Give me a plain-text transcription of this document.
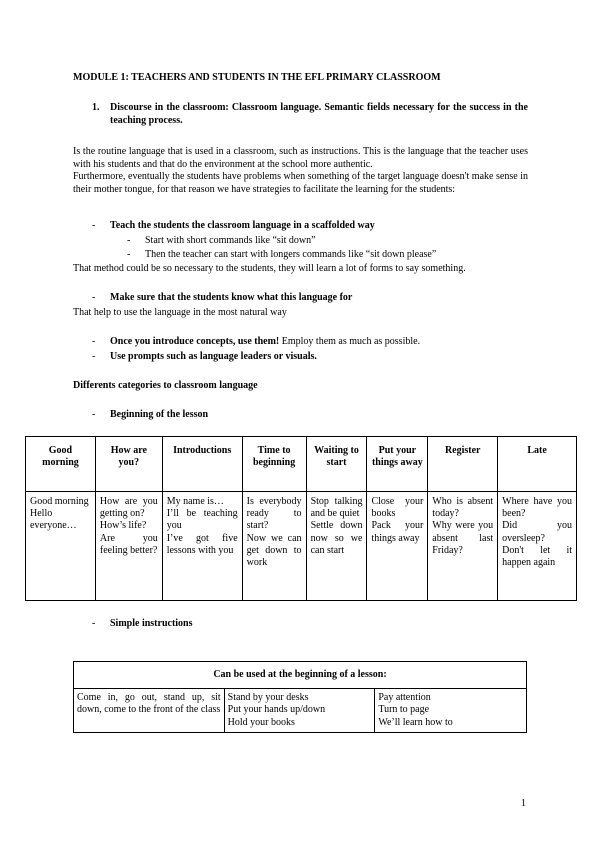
MODULE 1: TEACHERS AND STUDENTS IN THE EFL PRIMARY CLASSROOM
1. Discourse in the classroom: Classroom language. Semantic fields necessary for the success in the teaching process.
Is the routine language that is used in a classroom, such as instructions. This is the language that the teacher uses with his students and that do the environment at the school more authentic.
Furthermore, eventually the students have problems when something of the target language doesn't make sense in their mother tongue, for that reason we have strategies to facilitate the learning for the students:
- Teach the students the classroom language in a scaffolded way
- Start with short commands like “sit down”
- Then the teacher can start with longers commands like “sit down please”
That method could be so necessary to the students, they will learn a lot of forms to say something.
- Make sure that the students know what this language for
That help to use the language in the most natural way
- Once you introduce concepts, use them! Employ them as much as possible.
- Use prompts such as language leaders or visuals.
Differents categories to classroom language
- Beginning of the lesson
Good morning	How are you?	Introductions	Time to beginning	Waiting to start	Put your things away	Register	Late
Good morning
Hello everyone…	How are you getting on?
How’s life?
Are you feeling better?	My name is…
I’ll be teaching you
I’ve got five lessons with you	Is everybody ready to start?
Now we can get down to work	Stop talking and be quiet
Settle down now so we can start	Close your books
Pack your things away	Who is absent today?
Why were you absent last Friday?	Where have you been?
Did you oversleep?
Don't let it happen again
- Simple instructions
Can be used at the beginning of a lesson:
Come in, go out, stand up, sit down, come to the front of the class	Stand by your desks
Put your hands up/down
Hold your books	Pay attention
Turn to page
We’ll learn how to
1
